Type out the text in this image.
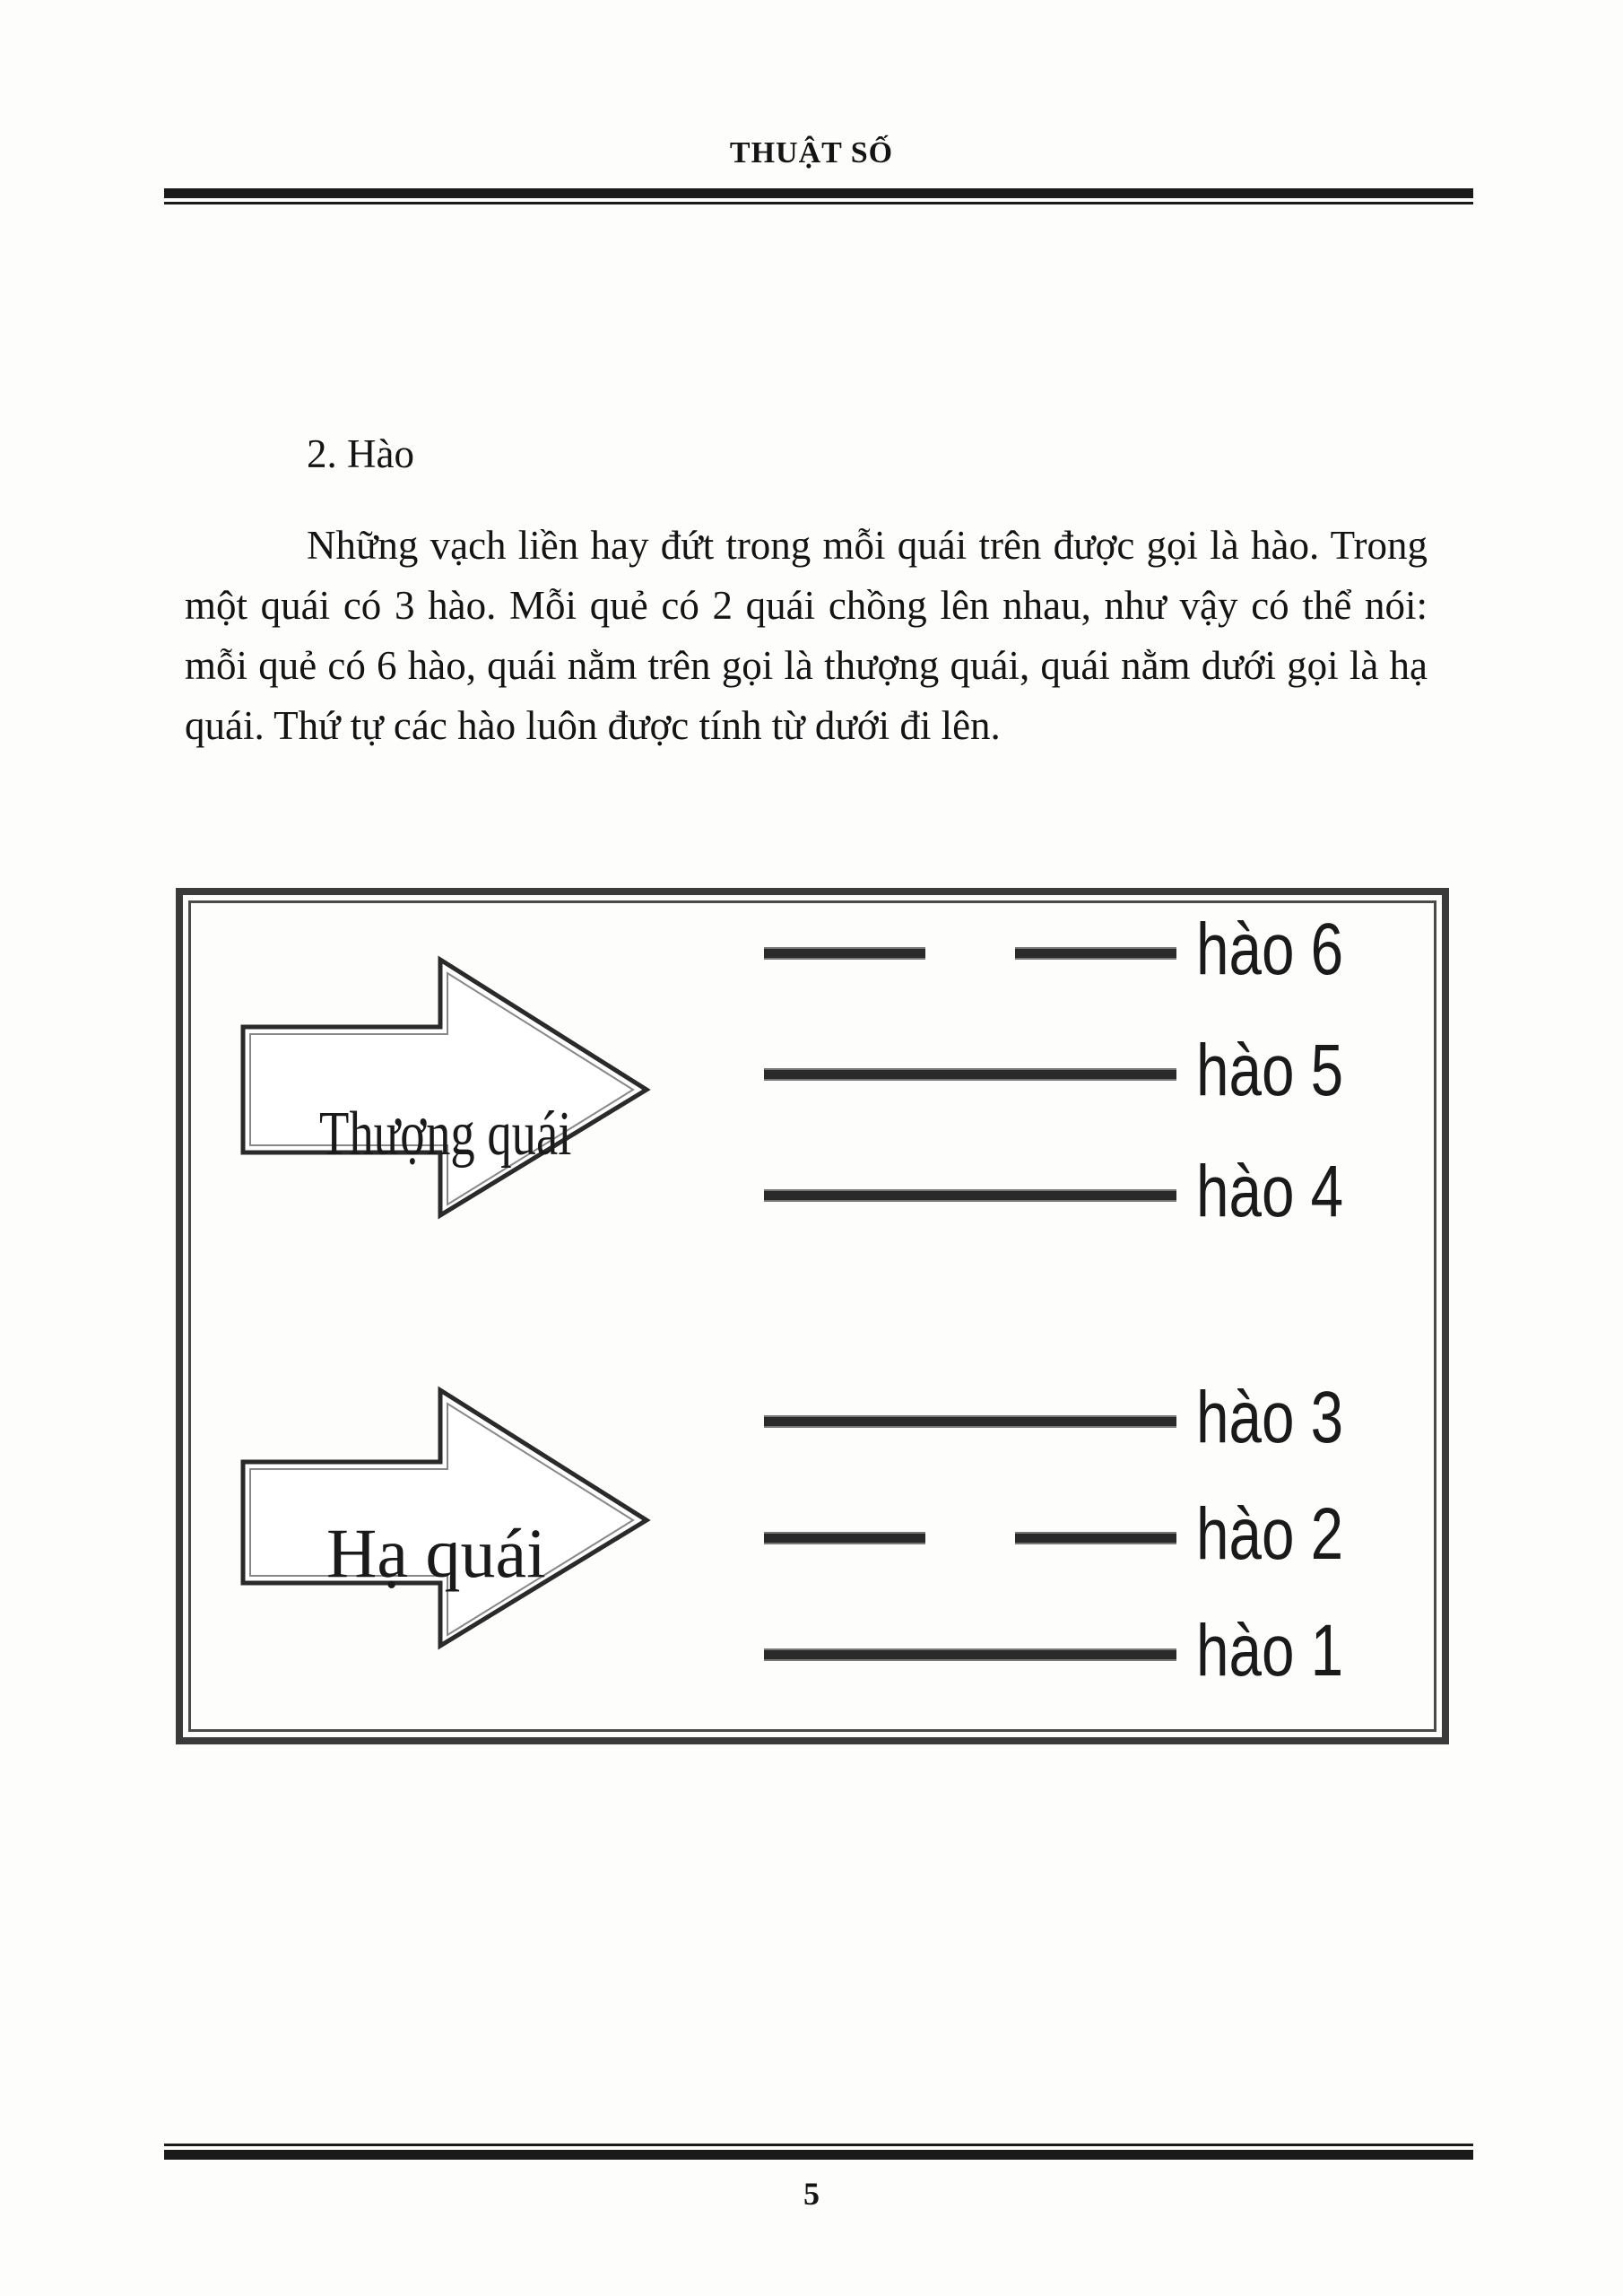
THUẬT SỐ
2. Hào

Những vạch liền hay đứt trong mỗi quái trên được gọi là hào. Trong một quái có 3 hào. Mỗi quẻ có 2 quái chồng lên nhau, như vậy có thể nói: mỗi quẻ có 6 hào, quái nằm trên gọi là thượng quái, quái nằm dưới gọi là hạ quái. Thứ tự các hào luôn được tính từ dưới đi lên.

Thượng quái
Hạ quái
hào 6
hào 5
hào 4
hào 3
hào 2
hào 1
5
